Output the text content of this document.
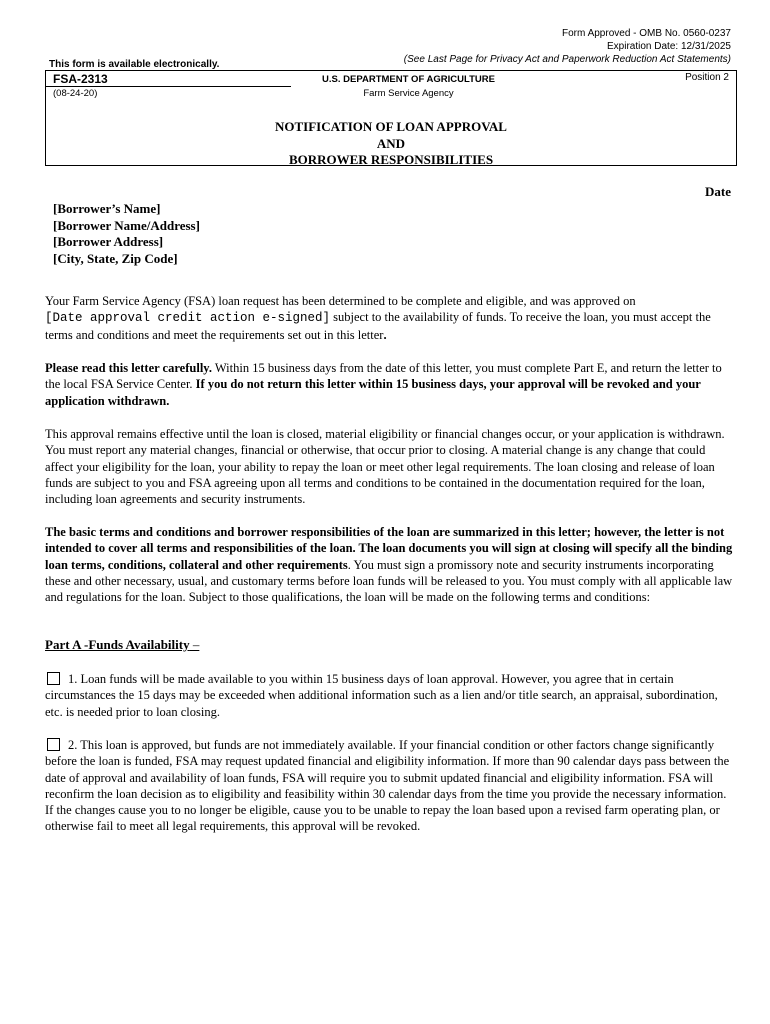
Form Approved - OMB No. 0560-0237
Expiration Date: 12/31/2025
(See Last Page for Privacy Act and Paperwork Reduction Act Statements)
This form is available electronically.
FSA-2313
(08-24-20)
U.S. DEPARTMENT OF AGRICULTURE
Farm Service Agency
Position 2
NOTIFICATION OF LOAN APPROVAL
AND
BORROWER RESPONSIBILITIES
Date
[Borrower’s Name]
[Borrower Name/Address]
[Borrower Address]
[City, State, Zip Code]
Your Farm Service Agency (FSA) loan request has been determined to be complete and eligible, and was approved on
[Date approval credit action e-signed] subject to the availability of funds. To receive the loan, you must accept the terms and conditions and meet the requirements set out in this letter.
Please read this letter carefully. Within 15 business days from the date of this letter, you must complete Part E, and return the letter to the local FSA Service Center. If you do not return this letter within 15 business days, your approval will be revoked and your application withdrawn.
This approval remains effective until the loan is closed, material eligibility or financial changes occur, or your application is withdrawn. You must report any material changes, financial or otherwise, that occur prior to closing. A material change is any change that could affect your eligibility for the loan, your ability to repay the loan or meet other legal requirements. The loan closing and release of loan funds are subject to you and FSA agreeing upon all terms and conditions to be contained in the documentation required for the loan, including loan agreements and security instruments.
The basic terms and conditions and borrower responsibilities of the loan are summarized in this letter; however, the letter is not intended to cover all terms and responsibilities of the loan. The loan documents you will sign at closing will specify all the binding loan terms, conditions, collateral and other requirements. You must sign a promissory note and security instruments incorporating these and other necessary, usual, and customary terms before loan funds will be released to you. You must comply with all applicable law and regulations for the loan. Subject to those qualifications, the loan will be made on the following terms and conditions:
Part A -Funds Availability –
1. Loan funds will be made available to you within 15 business days of loan approval. However, you agree that in certain circumstances the 15 days may be exceeded when additional information such as a lien and/or title search, an appraisal, subordination, etc. is needed prior to loan closing.
2. This loan is approved, but funds are not immediately available. If your financial condition or other factors change significantly before the loan is funded, FSA may request updated financial and eligibility information. If more than 90 calendar days pass between the date of approval and availability of loan funds, FSA will require you to submit updated financial and eligibility information. FSA will reconfirm the loan decision as to eligibility and feasibility within 30 calendar days from the time you provide the necessary information. If the changes cause you to no longer be eligible, cause you to be unable to repay the loan based upon a revised farm operating plan, or otherwise fail to meet all legal requirements, this approval will be revoked.
